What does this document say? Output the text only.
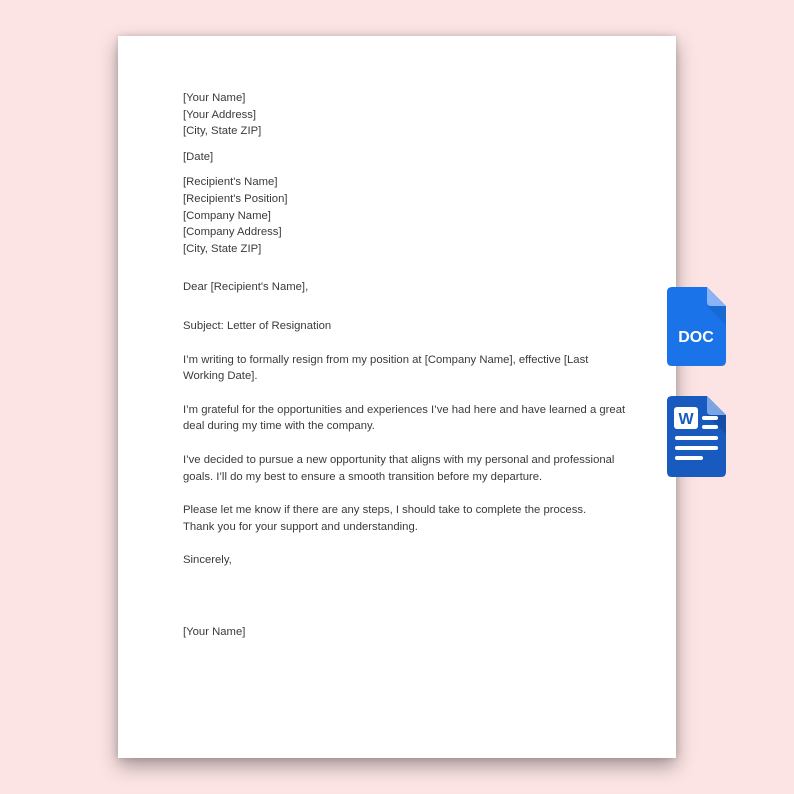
[Your Name]
[Your Address]
[City, State ZIP]
[Date]
[Recipient's Name]
[Recipient's Position]
[Company Name]
[Company Address]
[City, State ZIP]
Dear [Recipient's Name],
Subject: Letter of Resignation
I’m writing to formally resign from my position at [Company Name], effective [Last
Working Date].
I’m grateful for the opportunities and experiences I’ve had here and have learned a great
deal during my time with the company.
I’ve decided to pursue a new opportunity that aligns with my personal and professional
goals. I’ll do my best to ensure a smooth transition before my departure.
Please let me know if there are any steps, I should take to complete the process.
Thank you for your support and understanding.
Sincerely,
[Your Name]
DOC
W
